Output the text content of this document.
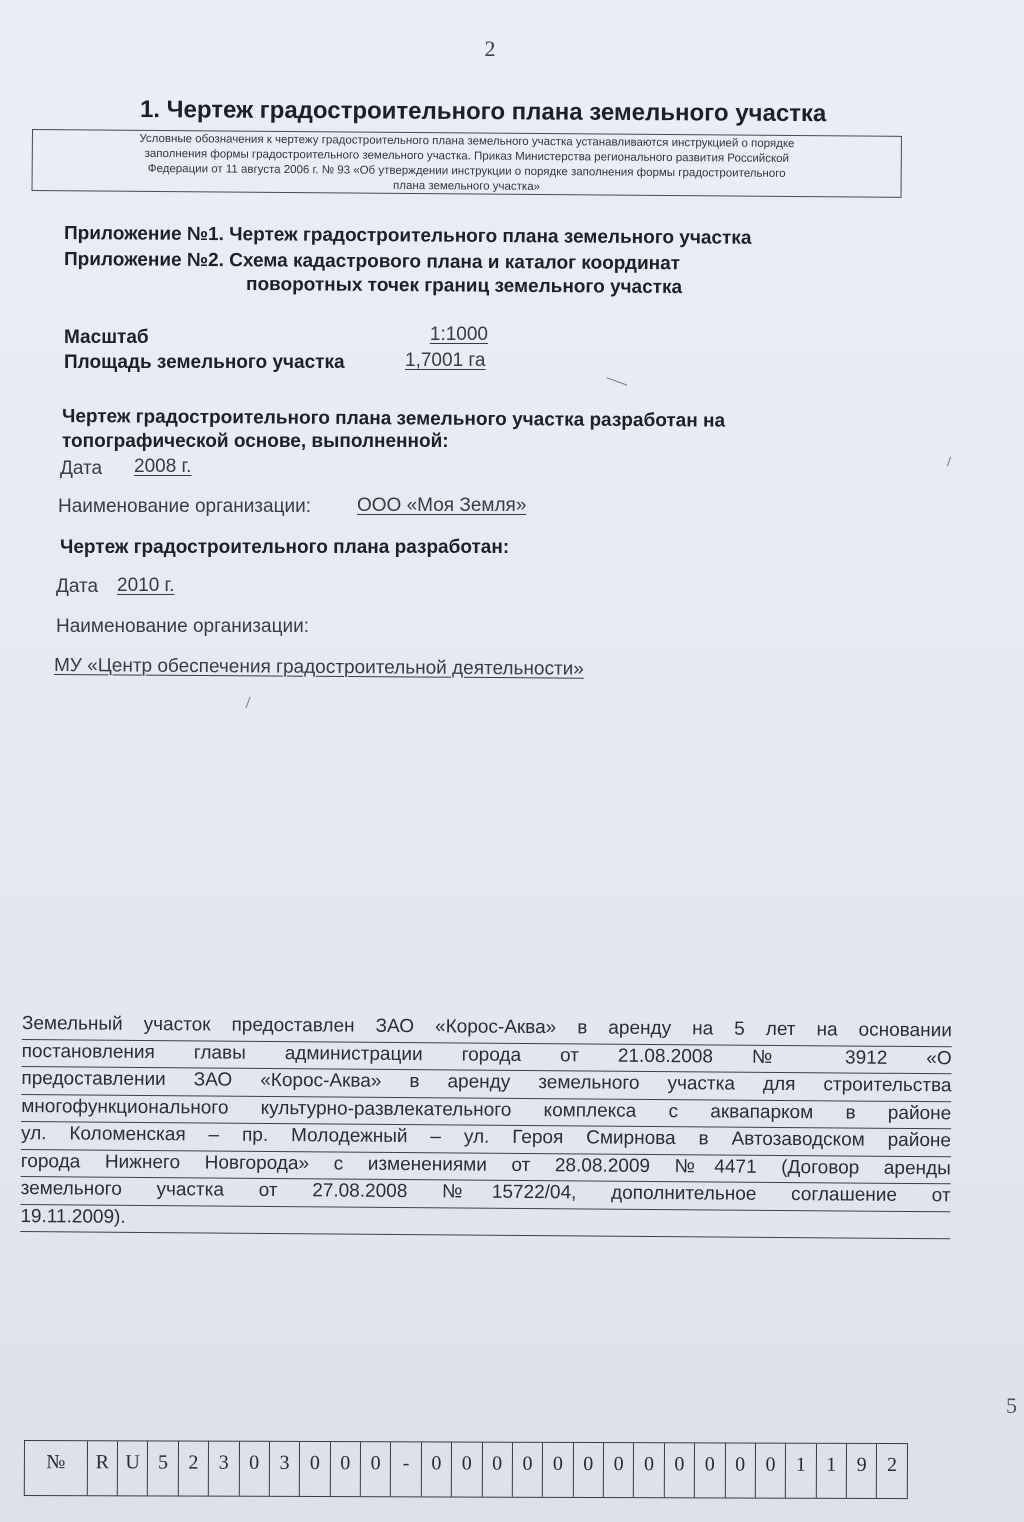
2
1. Чертеж градостроительного плана земельного участка
Условные обозначения к чертежу градостроительного плана земельного участка устанавливаются инструкцией о порядке
заполнения формы градостроительного земельного участка. Приказ Министерства регионального развития Российской
Федерации от 11 августа 2006 г. № 93 «Об утверждении инструкции о порядке заполнения формы градостроительного
плана земельного участка»
Приложение №1. Чертеж градостроительного плана земельного участка
Приложение №2. Схема кадастрового плана и каталог координат
поворотных точек границ земельного участка
Масштаб	1:1000
Площадь земельного участка	1,7001 га
Чертеж градостроительного плана земельного участка разработан на
топографической основе, выполненной:
Дата 2008 г.
Наименование организации: ООО «Моя Земля»
Чертеж градостроительного плана разработан:
Дата 2010 г.
Наименование организации:
МУ «Центр обеспечения градостроительной деятельности»
Земельный участок предоставлен ЗАО «Корос-Аква» в аренду на 5 лет на основании
постановления главы администрации города от 21.08.2008 № 3912 «О
предоставлении ЗАО «Корос-Аква» в аренду земельного участка для строительства
многофункционального культурно-развлекательного комплекса с аквапарком в районе
ул. Коломенская – пр. Молодежный – ул. Героя Смирнова в Автозаводском районе
города Нижнего Новгорода» с изменениями от 28.08.2009 №4471 (Договор аренды
земельного участка от 27.08.2008 №15722/04, дополнительное соглашение от
19.11.2009).
5
№	R U 5	2	3	0	3	0	0	0	-	0	0	0	0	0	0	0	0	0	0	0	0	1	1	9	2
